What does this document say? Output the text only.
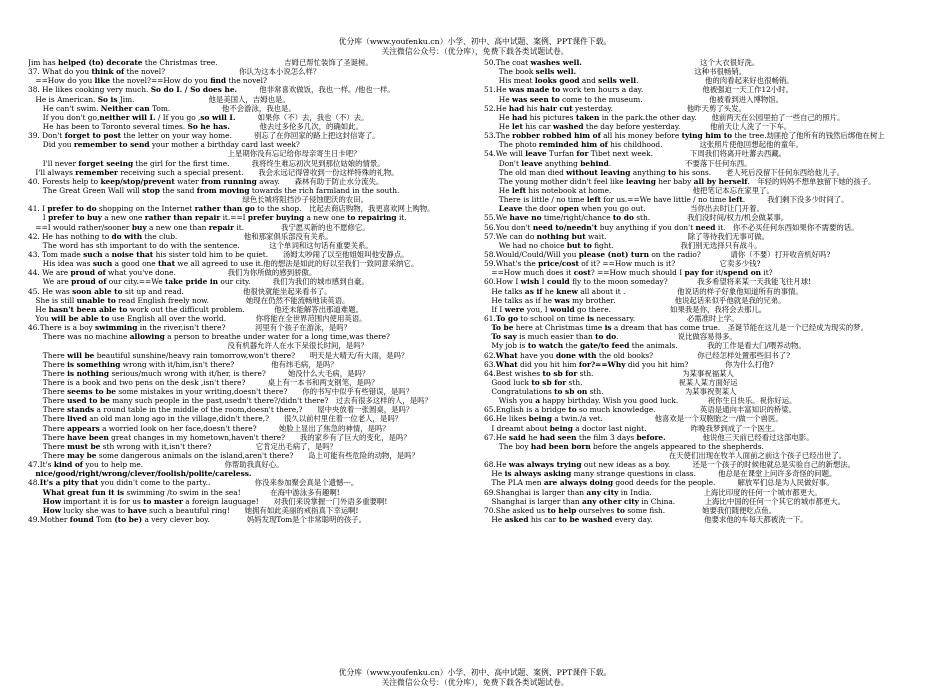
优分库（www.youfenku.cn）小学、初中、高中试题、案例、PPT课件下载。
关注微信公众号：（优分库），免费下载各类试题试卷。
Jim has helped (to) decorate the Christmas tree.　　　　　　　　　吉姆已帮忙装饰了圣诞树。
37. What do you think of the novel?　　　　　　　　　　你认为这本小说怎么样？
　==How do you like the novel?==How do you find the novel?
38. He likes cooking very much. So do I. / So does he.　　　他非常喜欢做饭，我也一样。/他也一样。
　He is American. So is Jim.　　　　　　　　　　他是美国人，吉姆也是。
　　He can't swim. Neither can Tom.　　　　　　　他不会游泳，我也是。
　　If you don't go,neither will I. / If you go ,so will I.　　　如果你（不）去，我也（不）去。
　　He has been to Toronto several times. So he has.　　　　他去过多伦多几次，的确如此。
39. Don't forget to post the letter on your way home.　　　别忘了在你回家的路上把这封信寄了。
　　Did you remember to send your mother a birthday card last week?
　　　　　　　　　　　　　　　　　　　　　　　　　　　上星期你没有忘记给你母亲寄生日卡吧？
　　I'll never forget seeing the girl for the first time.　　　我将终生难忘初次见到那位姑娘的情景。
　I'll always remember receiving such a special present.　　我会永远记得曾收到一份这样特殊的礼物。
40. Forests help to keep/stop/prevent water from running away.　　森林有助于防止水分流失。
　　The Great Green Wall will stop the sand from moving towards the rich farmland in the south.
　　　　　　　　　　　　　　　　　　　　　　　　　　　　　绿色长城将阻挡沙子侵蚀肥沃的农田。
41. I prefer to do shopping on the Internet rather than go to the shop.　比起去商店购物，我更喜欢网上购物。
　　I prefer to buy a new one rather than repair it.==I prefer buying a new one to repairing it.
　==I would rather/sooner buy a new one than repair it.　　　　　我宁愿买新的也不愿修它。
42. He has nothing to do with the club.　　　　　　　　　他和那家俱乐部没有关系。
　　The word has sth important to do with the sentence.　　　　这个单词和这句话有重要关系。
43. Tom made such a noise that his sister told him to be quiet.　　汤姆太吵闹了以至他姐姐叫他安静点。
　　His idea was such a good one that we all agreed to use it.他的想法是如此的好以至我们一致同意采纳它。
44. We are proud of what you've done.　　　　　　　我们为你所做的感到骄傲。
　　We are proud of our city.==We take pride in our city.　　　我们为我们的城市感到自豪。
45. He was soon able to sit up and read.　　　　　　　　他很快就能坐起来看书了。
　She is still unable to read English freely now.　　　　　她现在仍然不能流畅地读英语。
　He hasn't been able to work out the difficult problem.　　　　他还未能解答出那道难题。
　You will be able to use English all over the world.　　　　你将能在全世界范围内使用英语。
46.There is a boy swimming in the river,isn't there?　　　　河里有个孩子在游泳，是吗？
　　There was no machine allowing a person to breathe under water for a long time,was there?
　　　　　　　　　　　　　　　　　　　　　　　　　　　没有机器允许人在水下呆很长时间，是吗？
　　There will be beautiful sunshine/heavy rain tomorrow,won't there?　　明天是大晴天/有大雨，是吗？
　　There is something wrong with it/him,isn't there?　　　　　他有纬毛病，是吗？
　　There is nothing serious/much wrong with it/her, is there?　　　她没什么大毛病，是吗？
　　There is a book and two pens on the desk ,isn't there?　　　桌上有一本书和两支钢笔，是吗？
　　There seems to be some mistakes in your writing,doesn't there?　　你的书写中似乎有些错误，是吗？
　　There used to be many such people in the past,usedn't there?/didn't there?　过去有很多这样的人，是吗？
　　There stands a round table in the middle of the room,doesn't there,?　　屋中央放着一张圆桌，是吗？
　　There lived an old man long ago in the village,didn't there,?　　很久以前村里住着一位老人，是吗？
　　There appears a worried look on her face,doesn't there?　　　她脸上显出了焦急的神情，是吗？
　　There have been great changes in my hometown,haven't there?　　我的家乡有了巨大的变化，是吗？
　　There must be sth wrong with it,isn't there?　　　　　　它肯定出毛病了，是吗？
　　There may be some dangerous animals on the island,aren't there?　　岛上可能有些危险的动物，是吗？
47.It's kind of you to help me.　　　　　　　　　　　你帮助我真好心。
　nice/good/right/wrong/clever/foolish/polite/careless.
48.It's a pity that you didn't come to the party..　　　　　　你没来参加聚会真是个遗憾---。
　　What great fun it is swimming /to swim in the sea!　　　　在海中游泳多有趣啊!
　　How important it is for us to master a foreign lauguage!　　对我们来说掌握一门外语多重要啊!
　　How lucky she was to have such a beautiful ring!　　她拥有如此美丽的戒指真下幸运啊!
49.Mother found Tom (to be) a very clever boy.　　　　　妈妈发现Tom是个非常聪明的孩子。
50.The coat washes well.　　　　　　　　　　　　　　　　这个大衣很好洗。
　　The book sells well.　　　　　　　　　　　　　　　　这种书很畅销。
　　His meat looks good and sells well.　　　　　　　　　他的肉看起来好也很畅销。
51.He was made to work ten hours a day.　　　　　　　　他被强迫一天工作12小时。
　　He was seen to come to the museum.　　　　　　　　　他被看到进入博物馆。
52.He had his hair cut yesterday.　　　　　　　　　　他昨天剪了头发。
　　He had his pictures taken in the park.the other day.　　他前两天在公园里拍了一些自己的照片。
　　He let his car washed the day before yesterday.　　　　他前天让人洗了一下车。
53.The robber robbed him of all his money before tying him to the tree.劫匪抢了他所有的钱然后绑他在树上
　　The photo reminded him of his childhood.　　　　　这张照片使他回想起他的童年。
54.We will leave Turfan for Tibet next week.　　　　　下周我们将离开吐蕃去西藏。
　　Don't leave anything behind.　　　　　　　　　　不要落下任何东西。
　　The old man died without leaving anything to his sons.　　老人死后没留下任何东西给他儿子。
　　The young mother didn't feel like leaving her baby all by herself.　年轻的妈妈不想单独留下她的孩子。
　　He left his notebook at home.　　　　　　　　　　　他把笔记本忘在家里了。
　　There is little / no time left for us.==We have little / no time left.　　　我们剩下没多少时间了。
　　Leave the door open when you go out.　　　　　　当你出去时让门开着。
55.We have no time/right/chance to do sth.　　　　　我们没时间/权力/机会做某事。
56.You don't need to/needn't buy anything if you don't need it.　你不必买任何东西如果你不需要的话。
57.We can do nothing but wait.　　　　　　　　　　　除了等待我们无事可做。
　　We had no choice but to fight.　　　　　　　　　我们别无选择只有战斗。
58.Would/Could/Will you please (not) turn on the radio?　　　　请你（不要）打开收音机好吗?
59.What's the price/cost of it? ==How much is it?　　　　　　它卖多少钱?
　==How much does it cost? ==How much should I pay for it/spend on it?
60.How I wish I could fly to the moon someday?　　　　我多希望将来某一天我能飞往月球!
　He talks as if he knew all about it .　　　　　　　他说话的样子好象他知道所有的事情。
　He talks as if he was my brother.　　　　　　　　他说起话来似乎他就是我的兄弟。
　If I were you, I would go there.　　　　　　　　如果我是你，我将会去那儿。
61.To go to school on time is necessary.　　　　　　　必需准时上学。
　To be here at Christmas time is a dream that has come true.　圣诞节能在这儿是一个已经成为现实的梦。
　To say is much easier than to do.　　　　　　　　说比做容易得多。
　My job is to watch the gate/to feed the animals.　　　　我的工作是看大门/喂养动物。
62.What have you done with the old books?　　　　　　你已经怎样处置那些旧书了?
63.What did you hit him for?==Why did you hit him?　　　　　你为什么打他?
64.Best wishes to sb for sth.　　　　　　　　　　　　为某事祝福某人
　Good luck to sb for sth.　　　　　　　　　　　　　祝某人某方面好运
　Congratulations to sb on sth.　　　　　　　　　　　为某事祝贺某人
　　Wish you a happy birthday. Wish you good luck.　　　　祝你生日快乐。祝你好运。
65.English is a bridge to so much knowledge.　　　　　　英语是通向丰富知识的桥梁。
66.He likes being a twin./a vet.　　　　　　　他喜欢是一个双胞胎之一/做一个兽医。
　I dreamt about being a doctor last night.　　　　　　昨晚我梦到成了一个医生。
67.He said he had seen the film 3 days before.　　　　　他说他三天前已经看过这部电影。
　　The boy had been born before the angels appeared to the shepherds.
　　　　　　　　　　　　　　　　　　　　　　　　　在天使们出现在牧羊人面前之前这个孩子已经出世了。
68.He was always trying out new ideas as a boy.　　　还是一个孩子的时候他就总是实验自己的新想法。
　He is always asking many strange questions in class.　　　他总是在课堂上问许多奇怪的问题。
　The PLA men are always doing good deeds for the people.　　　解放军们总是为人民做好事。
69.Shanghai is larger than any city in India.　　　　　　　上海比印度的任何一个城市都更大。
　Shanghai is larger than any other city in China.　　　　上海比中国的任何一个其它的城市都更大。
70.She asked us to help ourselves to some fish.　　　　　她要我们随便吃点鱼。
　He asked his car to be washed every day.　　　　　　　他要求他的车每天都被洗一下。
优分库（www.youfenku.cn）小学、初中、高中试题、案例、PPT课件下载。
关注微信公众号：（优分库），免费下载各类试题试卷。
